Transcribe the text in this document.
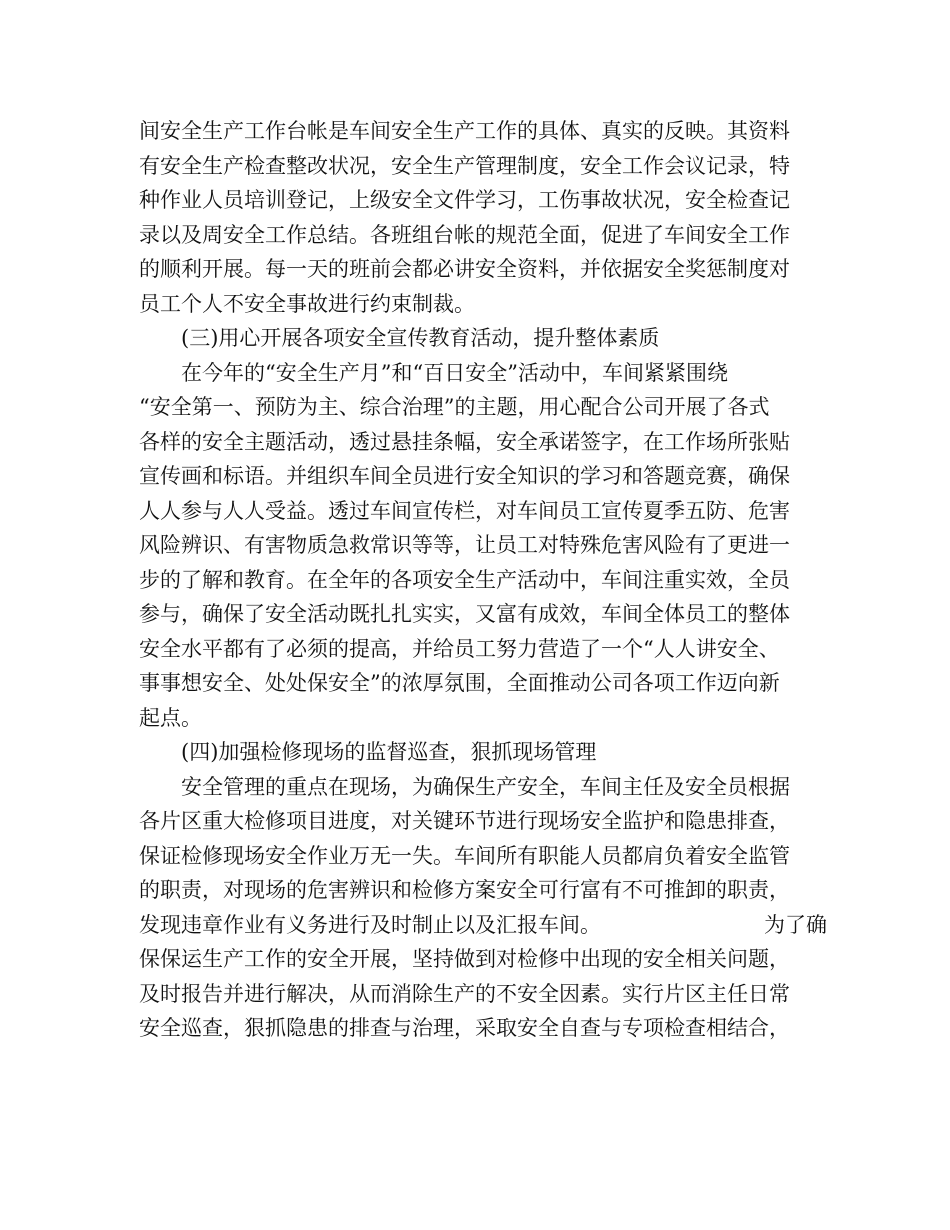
间安全生产工作台帐是车间安全生产工作的具体、真实的反映。其资料
有安全生产检查整改状况，安全生产管理制度，安全工作会议记录，特
种作业人员培训登记，上级安全文件学习，工伤事故状况，安全检查记
录以及周安全工作总结。各班组台帐的规范全面，促进了车间安全工作
的顺利开展。每一天的班前会都必讲安全资料，并依据安全奖惩制度对
员工个人不安全事故进行约束制裁。
(三)用心开展各项安全宣传教育活动，提升整体素质
在今年的“安全生产月”和“百日安全”活动中，车间紧紧围绕
“安全第一、预防为主、综合治理”的主题，用心配合公司开展了各式
各样的安全主题活动，透过悬挂条幅，安全承诺签字，在工作场所张贴
宣传画和标语。并组织车间全员进行安全知识的学习和答题竞赛，确保
人人参与人人受益。透过车间宣传栏，对车间员工宣传夏季五防、危害
风险辨识、有害物质急救常识等等，让员工对特殊危害风险有了更进一
步的了解和教育。在全年的各项安全生产活动中，车间注重实效，全员
参与，确保了安全活动既扎扎实实，又富有成效，车间全体员工的整体
安全水平都有了必须的提高，并给员工努力营造了一个“人人讲安全、
事事想安全、处处保安全”的浓厚氛围，全面推动公司各项工作迈向新
起点。
(四)加强检修现场的监督巡查，狠抓现场管理
安全管理的重点在现场，为确保生产安全，车间主任及安全员根据
各片区重大检修项目进度，对关键环节进行现场安全监护和隐患排查，
保证检修现场安全作业万无一失。车间所有职能人员都肩负着安全监管
的职责，对现场的危害辨识和检修方案安全可行富有不可推卸的职责，
发现违章作业有义务进行及时制止以及汇报车间。	为了确
保保运生产工作的安全开展，坚持做到对检修中出现的安全相关问题，
及时报告并进行解决，从而消除生产的不安全因素。实行片区主任日常
安全巡查，狠抓隐患的排查与治理，采取安全自查与专项检查相结合，
